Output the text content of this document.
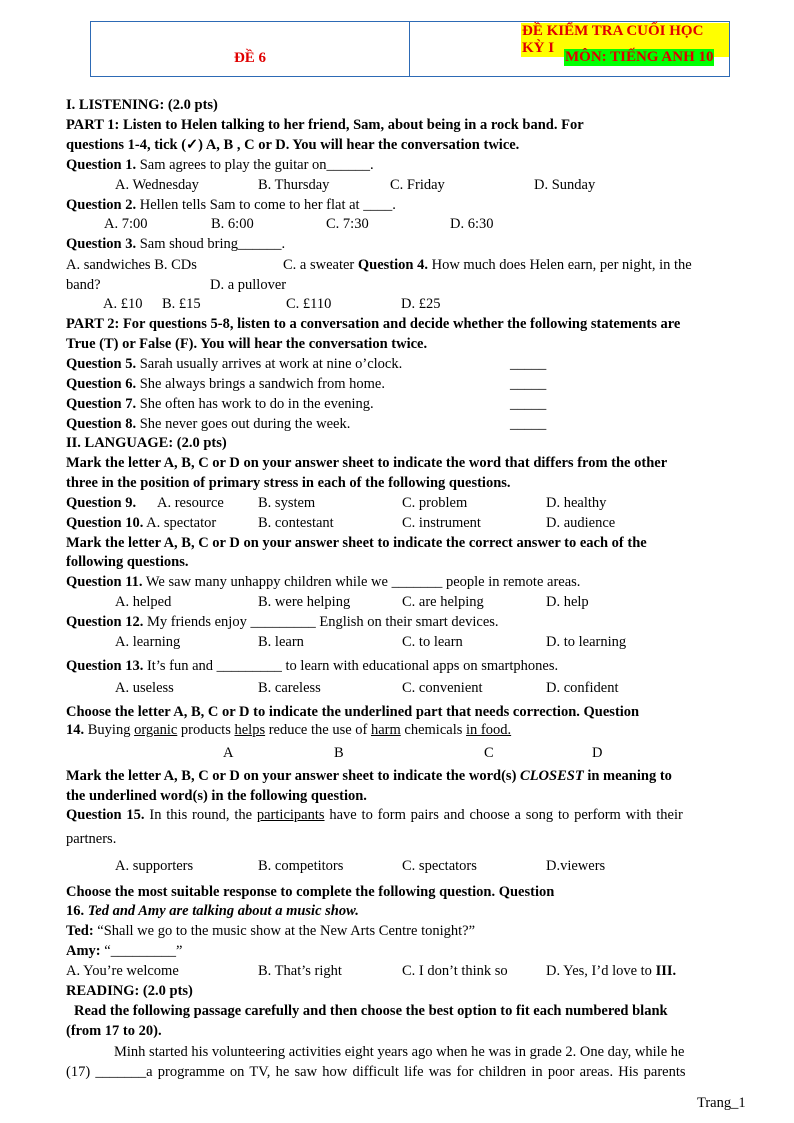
ĐỀ 6
ĐỀ KIỂM TRA CUỐI HỌC KỲ I
MÔN: TIẾNG ANH 10
I. LISTENING: (2.0 pts)
PART 1: Listen to Helen talking to her friend, Sam, about being in a rock band. For
questions 1-4, tick (✓) A, B , C or D. You will hear the conversation twice.
Question 1. Sam agrees to play the guitar on______.
A. Wednesday	B. Thursday	C. Friday	D. Sunday
Question 2. Hellen tells Sam to come to her flat at ____.
A. 7:00	B. 6:00	C. 7:30	D. 6:30
Question 3. Sam shoud bring______.
A. sandwiches B. CDs	C. a sweater Question 4. How much does Helen earn, per night, in the
band?	D. a pullover
A. £10 B. £15	C. £110	D. £25
PART 2: For questions 5-8, listen to a conversation and decide whether the following statements are
True (T) or False (F). You will hear the conversation twice.
Question 5. Sarah usually arrives at work at nine o’clock.	_____
Question 6. She always brings a sandwich from home.	_____
Question 7. She often has work to do in the evening.	_____
Question 8. She never goes out during the week.	_____
II. LANGUAGE: (2.0 pts)
Mark the letter A, B, C or D on your answer sheet to indicate the word that differs from the other
three in the position of primary stress in each of the following questions.
Question 9. A. resource B. system	C. problem	D. healthy
Question 10. A. spectator	B. contestant	C. instrument	D. audience
Mark the letter A, B, C or D on your answer sheet to indicate the correct answer to each of the
following questions.
Question 11. We saw many unhappy children while we _______ people in remote areas.
A. helped	B. were helping	C. are helping	D. help
Question 12. My friends enjoy _________ English on their smart devices.
A. learning	B. learn	C. to learn	D. to learning
Question 13. It’s fun and _________ to learn with educational apps on smartphones.
A. useless	B. careless	C. convenient	D. confident
Choose the letter A, B, C or D to indicate the underlined part that needs correction. Question
14. Buying organic products helps reduce the use of harm chemicals in food.
A	B	C	D
Mark the letter A, B, C or D on your answer sheet to indicate the word(s) CLOSEST in meaning to
the underlined word(s) in the following question.
Question 15. In this round, the participants have to form pairs and choose a song to perform with their
partners.
A. supporters	B. competitors	C. spectators	D.viewers
Choose the most suitable response to complete the following question. Question
16. Ted and Amy are talking about a music show.
Ted: “Shall we go to the music show at the New Arts Centre tonight?”
Amy: “_________”
A. You’re welcome	B. That’s right	C. I don’t think so	D. Yes, I’d love to III.
READING: (2.0 pts)
Read the following passage carefully and then choose the best option to fit each numbered blank
(from 17 to 20).
Minh started his volunteering activities eight years ago when he was in grade 2. One day, while he
(17) _______a programme on TV, he saw how difficult life was for children in poor areas. His parents
Trang_1
